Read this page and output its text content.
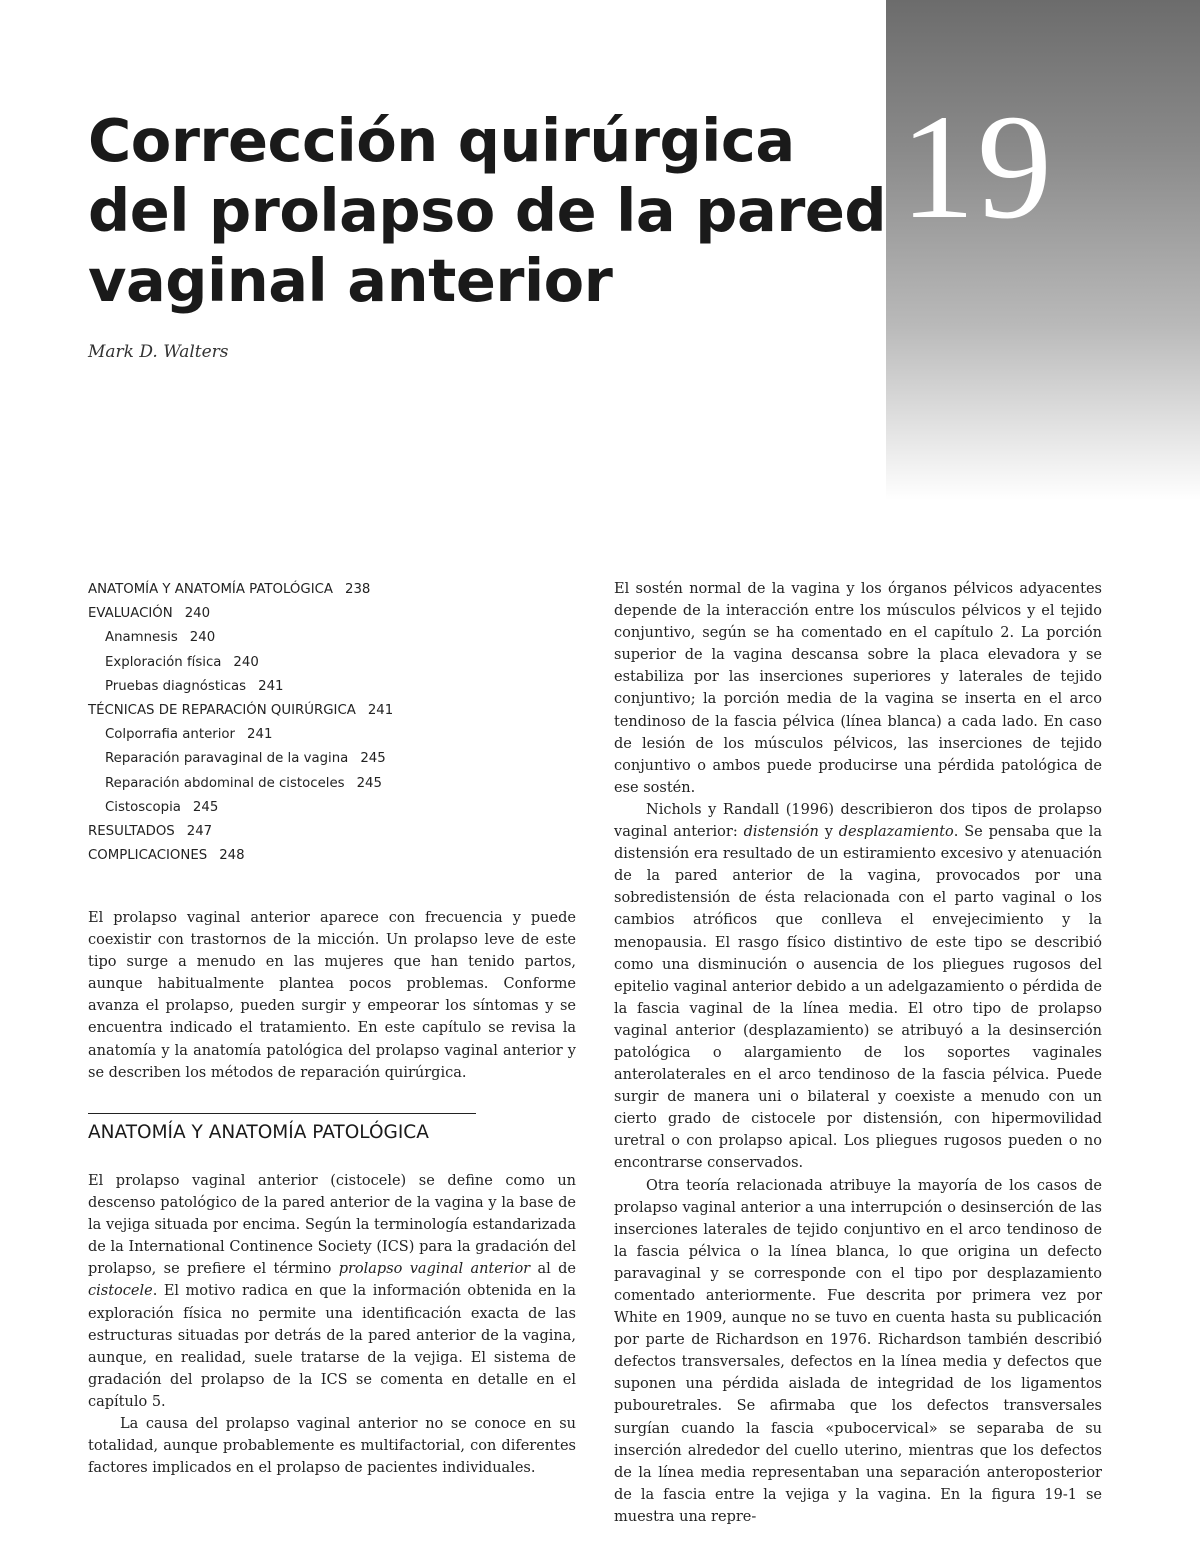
19
Corrección quirúrgica
del prolapso de la pared
vaginal anterior
Mark D. Walters
ANATOMÍA Y ANATOMÍA PATOLÓGICA 238
EVALUACIÓN 240
Anamnesis 240
Exploración física 240
Pruebas diagnósticas 241
TÉCNICAS DE REPARACIÓN QUIRÚRGICA 241
Colporrafia anterior 241
Reparación paravaginal de la vagina 245
Reparación abdominal de cistoceles 245
Cistoscopia 245
RESULTADOS 247
COMPLICACIONES 248

El prolapso vaginal anterior aparece con frecuencia y puede coexistir con trastornos de la micción. Un prolapso leve de este tipo surge a menudo en las mujeres que han tenido partos, aunque habitualmente plantea pocos problemas. Conforme avanza el prolapso, pueden surgir y empeorar los síntomas y se encuentra indicado el tratamiento. En este capítulo se revisa la anatomía y la anatomía patológica del prolapso vaginal anterior y se describen los métodos de reparación quirúrgica.

ANATOMÍA Y ANATOMÍA PATOLÓGICA

El prolapso vaginal anterior (cistocele) se define como un descenso patológico de la pared anterior de la vagina y la base de la vejiga situada por encima. Según la terminología estandarizada de la International Continence Society (ICS) para la gradación del prolapso, se prefiere el término prolapso vaginal anterior al de cistocele. El motivo radica en que la información obtenida en la exploración física no permite una identificación exacta de las estructuras situadas por detrás de la pared anterior de la vagina, aunque, en realidad, suele tratarse de la vejiga. El sistema de gradación del prolapso de la ICS se comenta en detalle en el capítulo 5.

La causa del prolapso vaginal anterior no se conoce en su totalidad, aunque probablemente es multifactorial, con diferentes factores implicados en el prolapso de pacientes individuales.

El sostén normal de la vagina y los órganos pélvicos adyacentes depende de la interacción entre los músculos pélvicos y el tejido conjuntivo, según se ha comentado en el capítulo 2. La porción superior de la vagina descansa sobre la placa elevadora y se estabiliza por las inserciones superiores y laterales de tejido conjuntivo; la porción media de la vagina se inserta en el arco tendinoso de la fascia pélvica (línea blanca) a cada lado. En caso de lesión de los músculos pélvicos, las inserciones de tejido conjuntivo o ambos puede producirse una pérdida patológica de ese sostén.

Nichols y Randall (1996) describieron dos tipos de prolapso vaginal anterior: distensión y desplazamiento. Se pensaba que la distensión era resultado de un estiramiento excesivo y atenuación de la pared anterior de la vagina, provocados por una sobredistensión de ésta relacionada con el parto vaginal o los cambios atróficos que conlleva el envejecimiento y la menopausia. El rasgo físico distintivo de este tipo se describió como una disminución o ausencia de los pliegues rugosos del epitelio vaginal anterior debido a un adelgazamiento o pérdida de la fascia vaginal de la línea media. El otro tipo de prolapso vaginal anterior (desplazamiento) se atribuyó a la desinserción patológica o alargamiento de los soportes vaginales anterolaterales en el arco tendinoso de la fascia pélvica. Puede surgir de manera uni o bilateral y coexiste a menudo con un cierto grado de cistocele por distensión, con hipermovilidad uretral o con prolapso apical. Los pliegues rugosos pueden o no encontrarse conservados.

Otra teoría relacionada atribuye la mayoría de los casos de prolapso vaginal anterior a una interrupción o desinserción de las inserciones laterales de tejido conjuntivo en el arco tendinoso de la fascia pélvica o la línea blanca, lo que origina un defecto paravaginal y se corresponde con el tipo por desplazamiento comentado anteriormente. Fue descrita por primera vez por White en 1909, aunque no se tuvo en cuenta hasta su publicación por parte de Richardson en 1976. Richardson también describió defectos transversales, defectos en la línea media y defectos que suponen una pérdida aislada de integridad de los ligamentos pubouretrales. Se afirmaba que los defectos transversales surgían cuando la fascia «pubocervical» se separaba de su inserción alrededor del cuello uterino, mientras que los defectos de la línea media representaban una separación anteroposterior de la fascia entre la vejiga y la vagina. En la figura 19-1 se muestra una repre-
